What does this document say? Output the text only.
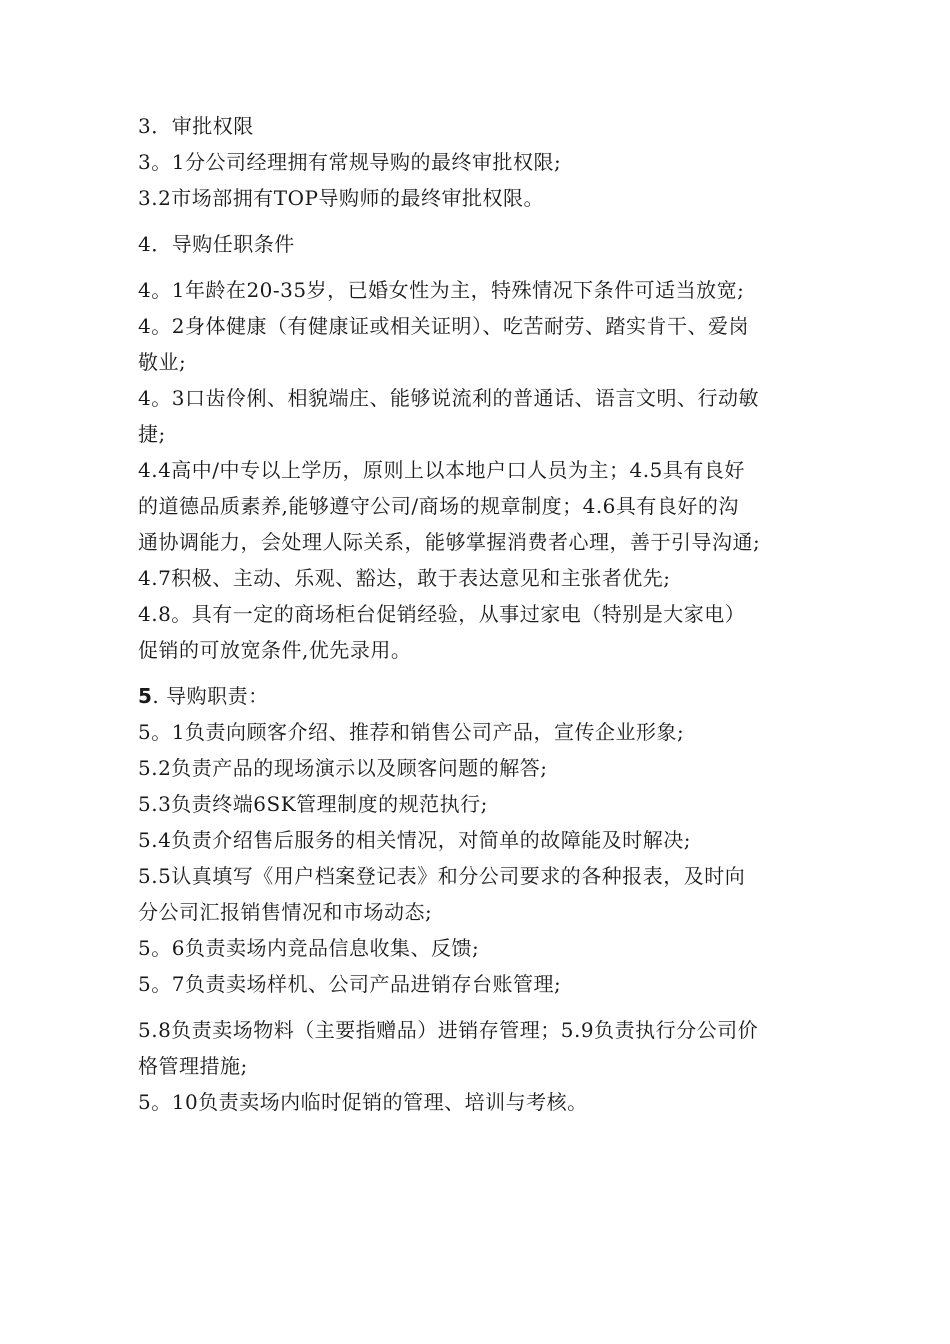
3．审批权限
3。1分公司经理拥有常规导购的最终审批权限;
3.2市场部拥有TOP导购师的最终审批权限。
4．导购任职条件
4。1年龄在20-35岁，已婚女性为主，特殊情况下条件可适当放宽;
4。2身体健康（有健康证或相关证明）、吃苦耐劳、踏实肯干、爱岗
敬业;
4。3口齿伶俐、相貌端庄、能够说流利的普通话、语言文明、行动敏
捷;
4.4高中/中专以上学历，原则上以本地户口人员为主；4.5具有良好
的道德品质素养,能够遵守公司/商场的规章制度；4.6具有良好的沟
通协调能力，会处理人际关系，能够掌握消费者心理，善于引导沟通;
4.7积极、主动、乐观、豁达，敢于表达意见和主张者优先;
4.8。具有一定的商场柜台促销经验，从事过家电（特别是大家电）
促销的可放宽条件,优先录用。
5. 导购职责：
5。1负责向顾客介绍、推荐和销售公司产品，宣传企业形象;
5.2负责产品的现场演示以及顾客问题的解答;
5.3负责终端6SK管理制度的规范执行;
5.4负责介绍售后服务的相关情况，对简单的故障能及时解决;
5.5认真填写《用户档案登记表》和分公司要求的各种报表，及时向
分公司汇报销售情况和市场动态;
5。6负责卖场内竞品信息收集、反馈;
5。7负责卖场样机、公司产品进销存台账管理;
5.8负责卖场物料（主要指赠品）进销存管理；5.9负责执行分公司价
格管理措施;
5。10负责卖场内临时促销的管理、培训与考核。
